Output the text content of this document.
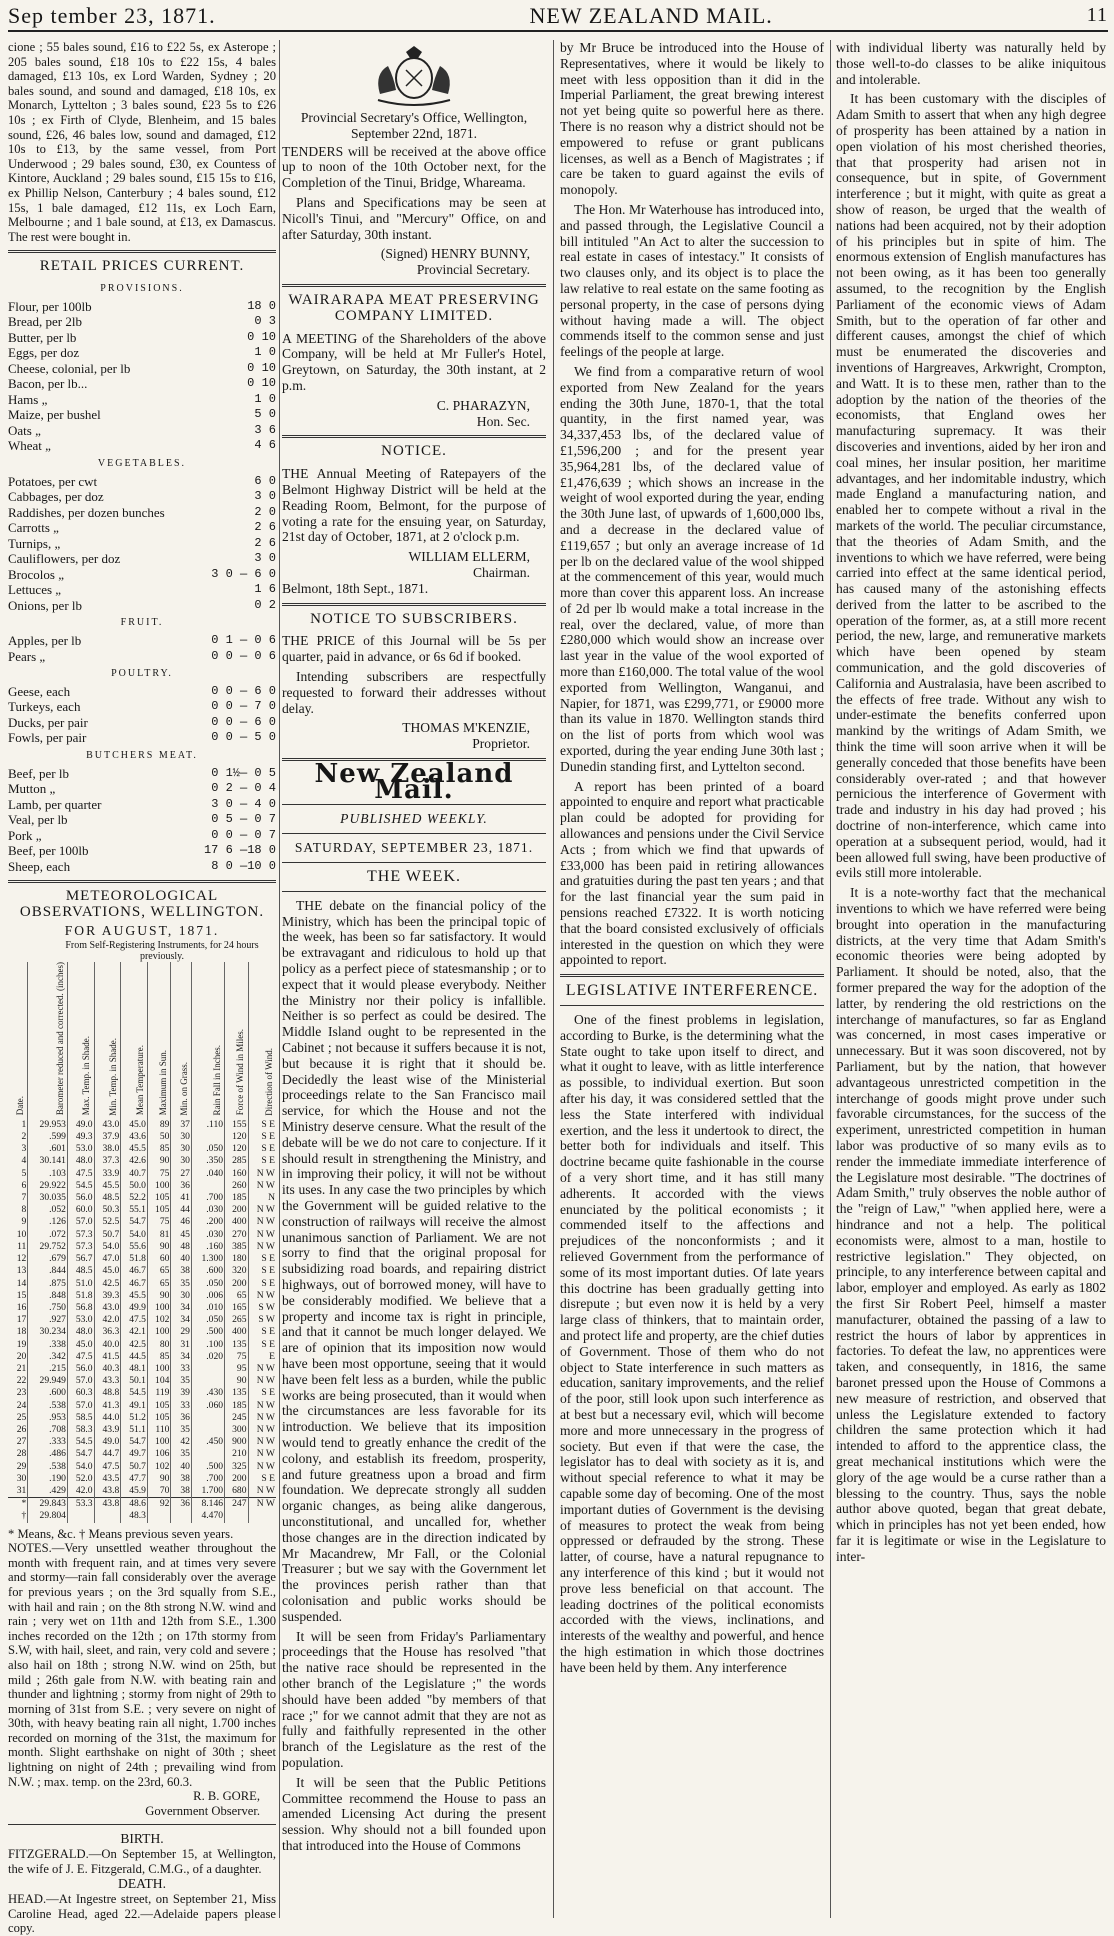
Sep tember 23, 1871.	NEW ZEALAND MAIL.	11

cione ; 55 bales sound, £16 to £22 5s, ex Asterope ; 205 bales sound, £18 10s to £22 15s, 4 bales damaged, £13 10s, ex Lord Warden, Sydney ; 20 bales sound, and sound and damaged, £18 10s, ex Monarch, Lyttelton ; 3 bales sound, £23 5s to £26 10s ; ex Firth of Clyde, Blenheim, and 15 bales sound, £26, 46 bales low, sound and damaged, £12 10s to £13, by the same vessel, from Port Underwood ; 29 bales sound, £30, ex Countess of Kintore, Auckland ; 29 bales sound, £15 15s to £16, ex Phillip Nelson, Canterbury ; 4 bales sound, £12 15s, 1 bale damaged, £12 11s, ex Loch Earn, Melbourne ; and 1 bale sound, at £13, ex Damascus. The rest were bought in.

RETAIL PRICES CURRENT.
PROVISIONS.
Flour, per 100lb	18 0
Bread, per 2lb	0 3
Butter, per lb	0 10
Eggs, per doz	1 0
Cheese, colonial, per lb	0 10
Bacon, per lb...	0 10
Hams „	1 0
Maize, per bushel	5 0
Oats „	3 6
Wheat „	4 6
VEGETABLES.
Potatoes, per cwt	6 0
Cabbages, per doz	3 0
Raddishes, per dozen bunches	2 0
Carrotts „	2 6
Turnips, „	2 6
Cauliflowers, per doz	3 0
Brocolos „	3 0 — 6 0
Lettuces „	1 6
Onions, per lb	0 2
FRUIT.
Apples, per lb	0 1 — 0 6
Pears „	0 0 — 0 6
POULTRY.
Geese, each	0 0 — 6 0
Turkeys, each	0 0 — 7 0
Ducks, per pair	0 0 — 6 0
Fowls, per pair	0 0 — 5 0
BUTCHERS MEAT.
Beef, per lb	0 1½— 0 5
Mutton „	0 2 — 0 4
Lamb, per quarter	3 0 — 4 0
Veal, per lb	0 5 — 0 7
Pork „	0 0 — 0 7
Beef, per 100lb	17 6 —18 0
Sheep, each	8 0 —10 0
METEOROLOGICAL OBSERVATIONS, WELLINGTON.
FOR AUGUST, 1871.
From Self-Registering Instruments, for 24 hours previously.
Date.	Barometer reduced and corrected. (inches)	Max. Temp. in Shade.	Min. Temp. in Shade.	Mean Temperature.	Maximum in Sun.	Min. on Grass.	Rain Fall in Inches.	Force of Wind in Miles.	Direction of Wind.
1	29.953	49.0	43.0	45.0	89	37	.110	155	S E
2	.599	49.3	37.9	43.6	50	30		120	S E
3	.601	53.0	38.0	45.5	85	30	.050	120	S E
4	30.141	48.0	37.3	42.6	90	30	.350	285	S E
5	.103	47.5	33.9	40.7	75	27	.040	160	N W
6	29.922	54.5	45.5	50.0	100	36		260	N W
7	30.035	56.0	48.5	52.2	105	41	.700	185	N
8	.052	60.0	50.3	55.1	105	44	.030	200	N W
9	.126	57.0	52.5	54.7	75	46	.200	400	N W
10	.072	57.3	50.7	54.0	81	45	.030	270	N W
11	29.752	57.3	54.0	55.6	90	48	.160	385	N W
12	.679	56.7	47.0	51.8	60	40	1.300	180	S E
13	.844	48.5	45.0	46.7	65	38	.600	320	S E
14	.875	51.0	42.5	46.7	65	35	.050	200	S E
15	.848	51.8	39.3	45.5	90	30	.006	65	N W
16	.750	56.8	43.0	49.9	100	34	.010	165	S W
17	.927	53.0	42.0	47.5	102	34	.050	265	S W
18	30.234	48.0	36.3	42.1	100	29	.500	400	S E
19	.338	45.0	40.0	42.5	80	31	.100	135	S E
20	.342	47.5	41.5	44.5	85	34	.020	75	E
21	.215	56.0	40.3	48.1	100	33		95	N W
22	29.949	57.0	43.3	50.1	104	35		90	N W
23	.600	60.3	48.8	54.5	119	39	.430	135	S E
24	.538	57.0	41.3	49.1	105	33	.060	185	N W
25	.953	58.5	44.0	51.2	105	36		245	N W
26	.708	58.3	43.9	51.1	110	35		300	N W
27	.333	54.5	49.0	54.7	100	42	.450	900	N W
28	.486	54.7	44.7	49.7	106	35		210	N W
29	.538	54.0	47.5	50.7	102	40	.500	325	N W
30	.190	52.0	43.5	47.7	90	38	.700	200	S E
31	.429	42.0	43.8	45.9	70	38	1.700	680	N W
*	29.843	53.3	43.8	48.6	92	36	8.146	247	N W
†	29.804			48.3			4.470		
* Means, &c. † Means previous seven years.
NOTES.—Very unsettled weather throughout the month with frequent rain, and at times very severe and stormy—rain fall considerably over the average for previous years ; on the 3rd squally from S.E., with hail and rain ; on the 8th strong N.W. wind and rain ; very wet on 11th and 12th from S.E., 1.300 inches recorded on the 12th ; on 17th stormy from S.W, with hail, sleet, and rain, very cold and severe ; also hail on 18th ; strong N.W. wind on 25th, but mild ; 26th gale from N.W. with beating rain and thunder and lightning ; stormy from night of 29th to morning of 31st from S.E. ; very severe on night of 30th, with heavy beating rain all night, 1.700 inches recorded on morning of the 31st, the maximum for month. Slight earthshake on night of 30th ; sheet lightning on night of 24th ; prevailing wind from N.W. ; max. temp. on the 23rd, 60.3.
R. B. GORE,
Government Observer.
BIRTH.
FITZGERALD.—On September 15, at Wellington, the wife of J. E. Fitzgerald, C.M.G., of a daughter.
DEATH.
HEAD.—At Ingestre street, on September 21, Miss Caroline Head, aged 22.—Adelaide papers please copy.
Provincial Secretary's Office, Wellington, September 22nd, 1871.

TENDERS will be received at the above office up to noon of the 10th October next, for the Completion of the Tinui, Bridge, Whareama.

Plans and Specifications may be seen at Nicoll's Tinui, and "Mercury" Office, on and after Saturday, 30th instant.

(Signed) HENRY BUNNY,
Provincial Secretary.
WAIRARAPA MEAT PRESERVING COMPANY LIMITED.

A MEETING of the Shareholders of the above Company, will be held at Mr Fuller's Hotel, Greytown, on Saturday, the 30th instant, at 2 p.m.

C. PHARAZYN,
Hon. Sec.
NOTICE.

THE Annual Meeting of Ratepayers of the Belmont Highway District will be held at the Reading Room, Belmont, for the purpose of voting a rate for the ensuing year, on Saturday, 21st day of October, 1871, at 2 o'clock p.m.

WILLIAM ELLERM,
Chairman.
Belmont, 18th Sept., 1871.
NOTICE TO SUBSCRIBERS.

THE PRICE of this Journal will be 5s per quarter, paid in advance, or 6s 6d if booked.

Intending subscribers are respectfully requested to forward their addresses without delay.

THOMAS M'KENZIE,
Proprietor.
New Zealand Mail.
PUBLISHED WEEKLY.
SATURDAY, SEPTEMBER 23, 1871.
THE WEEK.

THE debate on the financial policy of the Ministry, which has been the principal topic of the week, has been so far satisfactory. It would be extravagant and ridiculous to hold up that policy as a perfect piece of statesmanship ; or to expect that it would please everybody. Neither the Ministry nor their policy is infallible. Neither is so perfect as could be desired. The Middle Island ought to be represented in the Cabinet ; not because it suffers because it is not, but because it is right that it should be. Decidedly the least wise of the Ministerial proceedings relate to the San Francisco mail service, for which the House and not the Ministry deserve censure. What the result of the debate will be we do not care to conjecture. If it should result in strengthening the Ministry, and in improving their policy, it will not be without its uses. In any case the two principles by which the Government will be guided relative to the construction of railways will receive the almost unanimous sanction of Parliament. We are not sorry to find that the original proposal for subsidizing road boards, and repairing district highways, out of borrowed money, will have to be considerably modified. We believe that a property and income tax is right in principle, and that it cannot be much longer delayed. We are of opinion that its imposition now would have been most opportune, seeing that it would have been felt less as a burden, while the public works are being prosecuted, than it would when the circumstances are less favorable for its introduction. We believe that its imposition would tend to greatly enhance the credit of the colony, and establish its freedom, prosperity, and future greatness upon a broad and firm foundation. We deprecate strongly all sudden organic changes, as being alike dangerous, unconstitutional, and uncalled for, whether those changes are in the direction indicated by Mr Macandrew, Mr Fall, or the Colonial Treasurer ; but we say with the Government let the provinces perish rather than that colonisation and public works should be suspended.

It will be seen from Friday's Parliamentary proceedings that the House has resolved "that the native race should be represented in the other branch of the Legislature ;" the words should have been added "by members of that race ;" for we cannot admit that they are not as fully and faithfully represented in the other branch of the Legislature as the rest of the population.

It will be seen that the Public Petitions Committee recommend the House to pass an amended Licensing Act during the present session. Why should not a bill founded upon that introduced into the House of Commons

by Mr Bruce be introduced into the House of Representatives, where it would be likely to meet with less opposition than it did in the Imperial Parliament, the great brewing interest not yet being quite so powerful here as there. There is no reason why a district should not be empowered to refuse or grant publicans licenses, as well as a Bench of Magistrates ; if care be taken to guard against the evils of monopoly.

The Hon. Mr Waterhouse has introduced into, and passed through, the Legislative Council a bill intituled "An Act to alter the succession to real estate in cases of intestacy." It consists of two clauses only, and its object is to place the law relative to real estate on the same footing as personal property, in the case of persons dying without having made a will. The object commends itself to the common sense and just feelings of the people at large.

We find from a comparative return of wool exported from New Zealand for the years ending the 30th June, 1870-1, that the total quantity, in the first named year, was 34,337,453 lbs, of the declared value of £1,596,200 ; and for the present year 35,964,281 lbs, of the declared value of £1,476,639 ; which shows an increase in the weight of wool exported during the year, ending the 30th June last, of upwards of 1,600,000 lbs, and a decrease in the declared value of £119,657 ; but only an average increase of 1d per lb on the declared value of the wool shipped at the commencement of this year, would much more than cover this apparent loss. An increase of 2d per lb would make a total increase in the real, over the declared, value, of more than £280,000 which would show an increase over last year in the value of the wool exported of more than £160,000. The total value of the wool exported from Wellington, Wanganui, and Napier, for 1871, was £299,771, or £9000 more than its value in 1870. Wellington stands third on the list of ports from which wool was exported, during the year ending June 30th last ; Dunedin standing first, and Lyttelton second.

A report has been printed of a board appointed to enquire and report what practicable plan could be adopted for providing for allowances and pensions under the Civil Service Acts ; from which we find that upwards of £33,000 has been paid in retiring allowances and gratuities during the past ten years ; and that for the last financial year the sum paid in pensions reached £7322. It is worth noticing that the board consisted exclusively of officials interested in the question on which they were appointed to report.

LEGISLATIVE INTERFERENCE.

One of the finest problems in legislation, according to Burke, is the determining what the State ought to take upon itself to direct, and what it ought to leave, with as little interference as possible, to individual exertion. But soon after his day, it was considered settled that the less the State interfered with individual exertion, and the less it undertook to direct, the better both for individuals and itself. This doctrine became quite fashionable in the course of a very short time, and it has still many adherents. It accorded with the views enunciated by the political economists ; it commended itself to the affections and prejudices of the nonconformists ; and it relieved Government from the performance of some of its most important duties. Of late years this doctrine has been gradually getting into disrepute ; but even now it is held by a very large class of thinkers, that to maintain order, and protect life and property, are the chief duties of Government. Those of them who do not object to State interference in such matters as education, sanitary improvements, and the relief of the poor, still look upon such interference as at best but a necessary evil, which will become more and more unnecessary in the progress of society. But even if that were the case, the legislator has to deal with society as it is, and without special reference to what it may be capable some day of becoming. One of the most important duties of Government is the devising of measures to protect the weak from being oppressed or defrauded by the strong. These latter, of course, have a natural repugnance to any interference of this kind ; but it would not prove less beneficial on that account. The leading doctrines of the political economists accorded with the views, inclinations, and interests of the wealthy and powerful, and hence the high estimation in which those doctrines have been held by them. Any interference

with individual liberty was naturally held by those well-to-do classes to be alike iniquitous and intolerable.

It has been customary with the disciples of Adam Smith to assert that when any high degree of prosperity has been attained by a nation in open violation of his most cherished theories, that that prosperity had arisen not in consequence, but in spite, of Government interference ; but it might, with quite as great a show of reason, be urged that the wealth of nations had been acquired, not by their adoption of his principles but in spite of him. The enormous extension of English manufactures has not been owing, as it has been too generally assumed, to the recognition by the English Parliament of the economic views of Adam Smith, but to the operation of far other and different causes, amongst the chief of which must be enumerated the discoveries and inventions of Hargreaves, Arkwright, Crompton, and Watt. It is to these men, rather than to the adoption by the nation of the theories of the economists, that England owes her manufacturing supremacy. It was their discoveries and inventions, aided by her iron and coal mines, her insular position, her maritime advantages, and her indomitable industry, which made England a manufacturing nation, and enabled her to compete without a rival in the markets of the world. The peculiar circumstance, that the theories of Adam Smith, and the inventions to which we have referred, were being carried into effect at the same identical period, has caused many of the astonishing effects derived from the latter to be ascribed to the operation of the former, as, at a still more recent period, the new, large, and remunerative markets which have been opened by steam communication, and the gold discoveries of California and Australasia, have been ascribed to the effects of free trade. Without any wish to under-estimate the benefits conferred upon mankind by the writings of Adam Smith, we think the time will soon arrive when it will be generally conceded that those benefits have been considerably over-rated ; and that however pernicious the interference of Goverment with trade and industry in his day had proved ; his doctrine of non-interference, which came into operation at a subsequent period, would, had it been allowed full swing, have been productive of evils still more intolerable.

It is a note-worthy fact that the mechanical inventions to which we have referred were being brought into operation in the manufacturing districts, at the very time that Adam Smith's economic theories were being adopted by Parliament. It should be noted, also, that the former prepared the way for the adoption of the latter, by rendering the old restrictions on the interchange of manufactures, so far as England was concerned, in most cases imperative or unnecessary. But it was soon discovered, not by Parliament, but by the nation, that however advantageous unrestricted competition in the interchange of goods might prove under such favorable circumstances, for the success of the experiment, unrestricted competition in human labor was productive of so many evils as to render the immediate immediate interference of the Legislature most desirable. "The doctrines of Adam Smith," truly observes the noble author of the "reign of Law," "when applied here, were a hindrance and not a help. The political economists were, almost to a man, hostile to restrictive legislation." They objected, on principle, to any interference between capital and labor, employer and employed. As early as 1802 the first Sir Robert Peel, himself a master manufacturer, obtained the passing of a law to restrict the hours of labor by apprentices in factories. To defeat the law, no apprentices were taken, and consequently, in 1816, the same baronet pressed upon the House of Commons a new measure of restriction, and observed that unless the Legislature extended to factory children the same protection which it had intended to afford to the apprentice class, the great mechanical institutions which were the glory of the age would be a curse rather than a blessing to the country. Thus, says the noble author above quoted, began that great debate, which in principles has not yet been ended, how far it is legitimate or wise in the Legislature to inter-
